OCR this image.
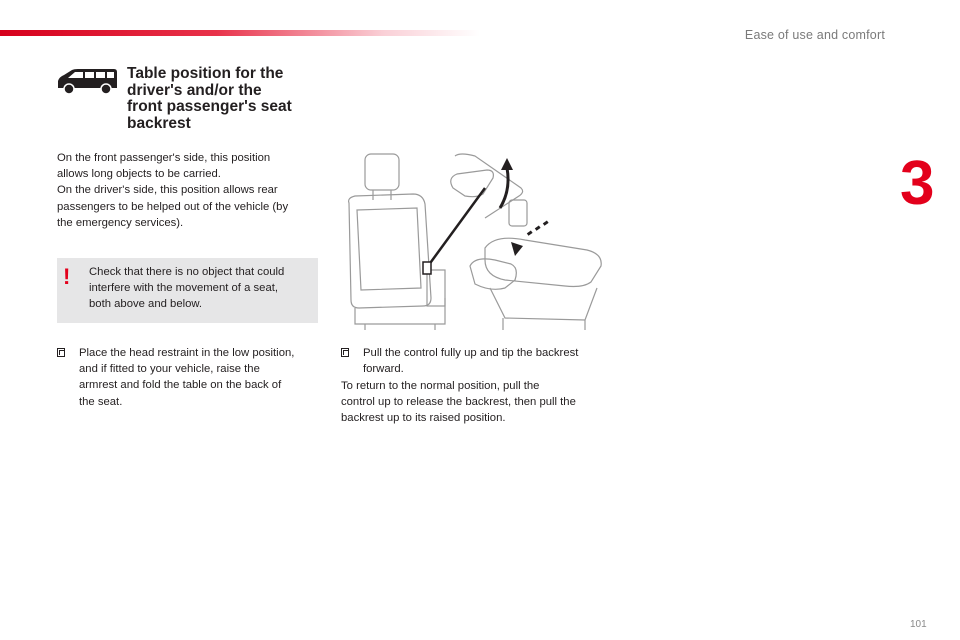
Ease of use and comfort
3
Table position for the
driver's and/or the
front passenger's seat
backrest
On the front passenger's side, this position
allows long objects to be carried.
On the driver's side, this position allows rear
passengers to be helped out of the vehicle (by
the emergency services).
! Check that there is no object that could
interfere with the movement of a seat,
both above and below.
Place the head restraint in the low position,
and if fitted to your vehicle, raise the
armrest and fold the table on the back of
the seat.
Pull the control fully up and tip the backrest
forward.
To return to the normal position, pull the
control up to release the backrest, then pull the
backrest up to its raised position.
101
